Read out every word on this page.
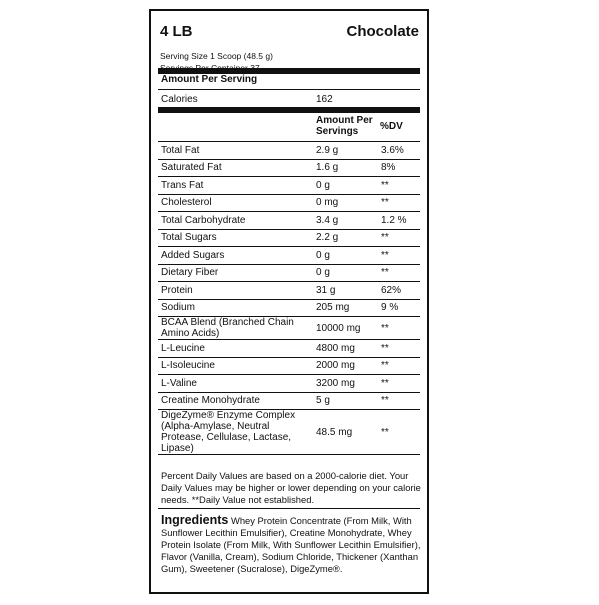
4 LB	Chocolate
Serving Size 1 Scoop (48.5 g)
Amount Per Serving
Calories	162
Amount Per Servings	%DV
Total Fat	2.9 g	3.6%
Saturated Fat	1.6 g	8%
Trans Fat	0 g	**
Cholesterol	0 mg	**
Total Carbohydrate	3.4 g	1.2 %
Total Sugars	2.2 g	**
Added Sugars	0 g	**
Dietary Fiber	0 g	**
Protein	31 g	62%
Sodium	205 mg	9 %
BCAA Blend (Branched Chain Amino Acids)	10000 mg	**
L-Leucine	4800 mg	**
L-Isoleucine	2000 mg	**
L-Valine	3200 mg	**
Creatine Monohydrate	5 g	**
DigeZyme® Enzyme Complex (Alpha-Amylase, Neutral Protease, Cellulase, Lactase, Lipase)	48.5 mg	**
Percent Daily Values are based on a 2000-calorie diet. Your Daily Values may be higher or lower depending on your calorie needs. **Daily Value not established.
Ingredients Whey Protein Concentrate (From Milk, With Sunflower Lecithin Emulsifier), Creatine Monohydrate, Whey Protein Isolate (From Milk, With Sunflower Lecithin Emulsifier), Flavor (Vanilla, Cream), Sodium Chloride, Thickener (Xanthan Gum), Sweetener (Sucralose), DigeZyme®.
